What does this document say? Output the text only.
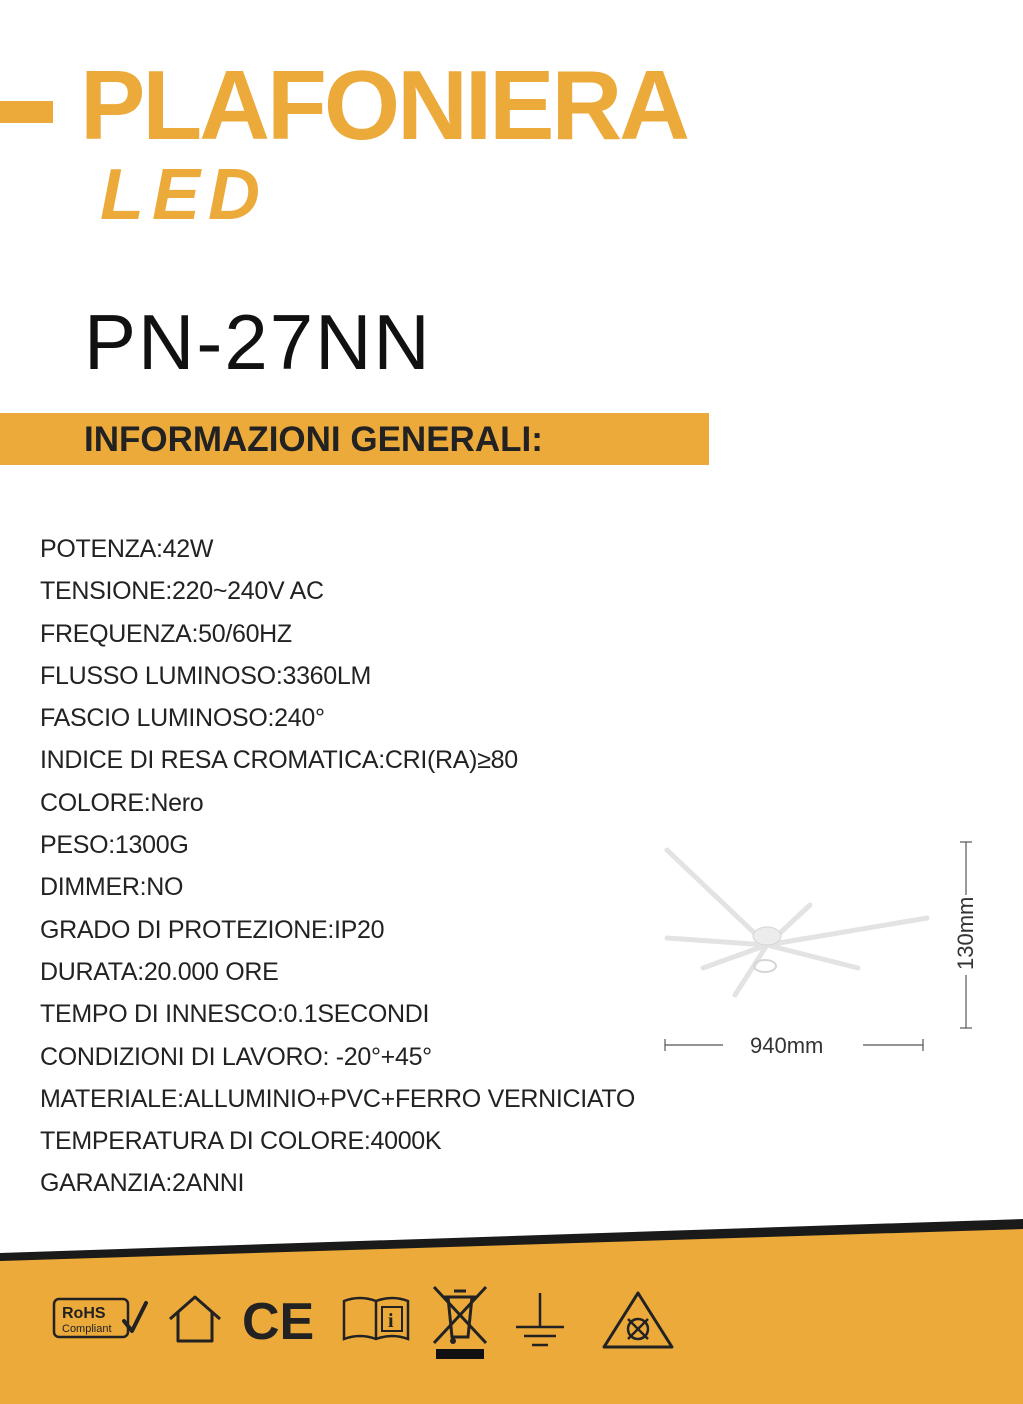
PLAFONIERA
LED
PN-27NN
INFORMAZIONI GENERALI:
POTENZA:42W
TENSIONE:220~240V AC
FREQUENZA:50/60HZ
FLUSSO LUMINOSO:3360LM
FASCIO LUMINOSO:240°
INDICE DI RESA CROMATICA:CRI(RA)≥80
COLORE:Nero
PESO:1300G
DIMMER:NO
GRADO DI PROTEZIONE:IP20
DURATA:20.000 ORE
TEMPO DI INNESCO:0.1SECONDI
CONDIZIONI DI LAVORO: -20°+45°
MATERIALE:ALLUMINIO+PVC+FERRO VERNICIATO
TEMPERATURA DI COLORE:4000K
GARANZIA:2ANNI
130mm
940mm
RoHS
Compliant	CE	i
